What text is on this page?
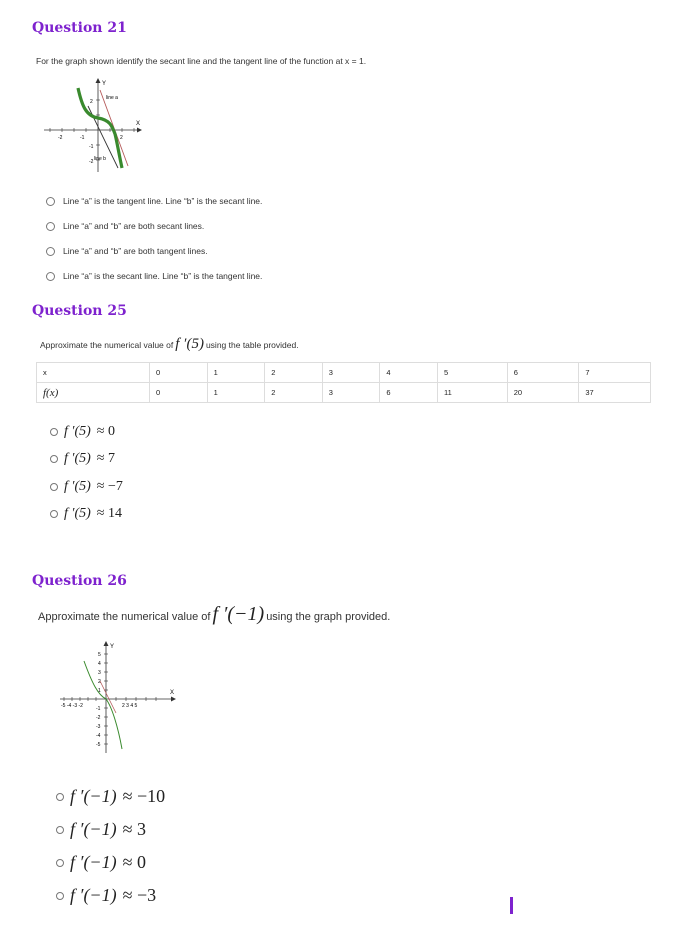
Question 21
For the graph shown identify the secant line and the tangent line of the function at x = 1.
Y
X
line a
line b
2
-2	-1	2
-1
-2
Line “a” is the tangent line. Line “b” is the secant line.
Line “a” and “b” are both secant lines.
Line “a” and “b” are both tangent lines.
Line “a” is the secant line. Line “b” is the tangent line.
Question 25
Approximate the numerical value of f ′(5) using the table provided.
x	0	1	2	3	4	5	6	7
f(x)	0	1	2	3	6	11	20	37
f ′(5) ≈ 0
f ′(5) ≈ 7
f ′(5) ≈ −7
f ′(5) ≈ 14
Question 26
Approximate the numerical value of f ′(−1) using the graph provided.
Y
X
5
4
3
2
1
-1
-2
-3
-4
-5
-5 -4 -3 -2	2 3 4 5
f ′(−1) ≈ −10
f ′(−1) ≈ 3
f ′(−1) ≈ 0
f ′(−1) ≈ −3
